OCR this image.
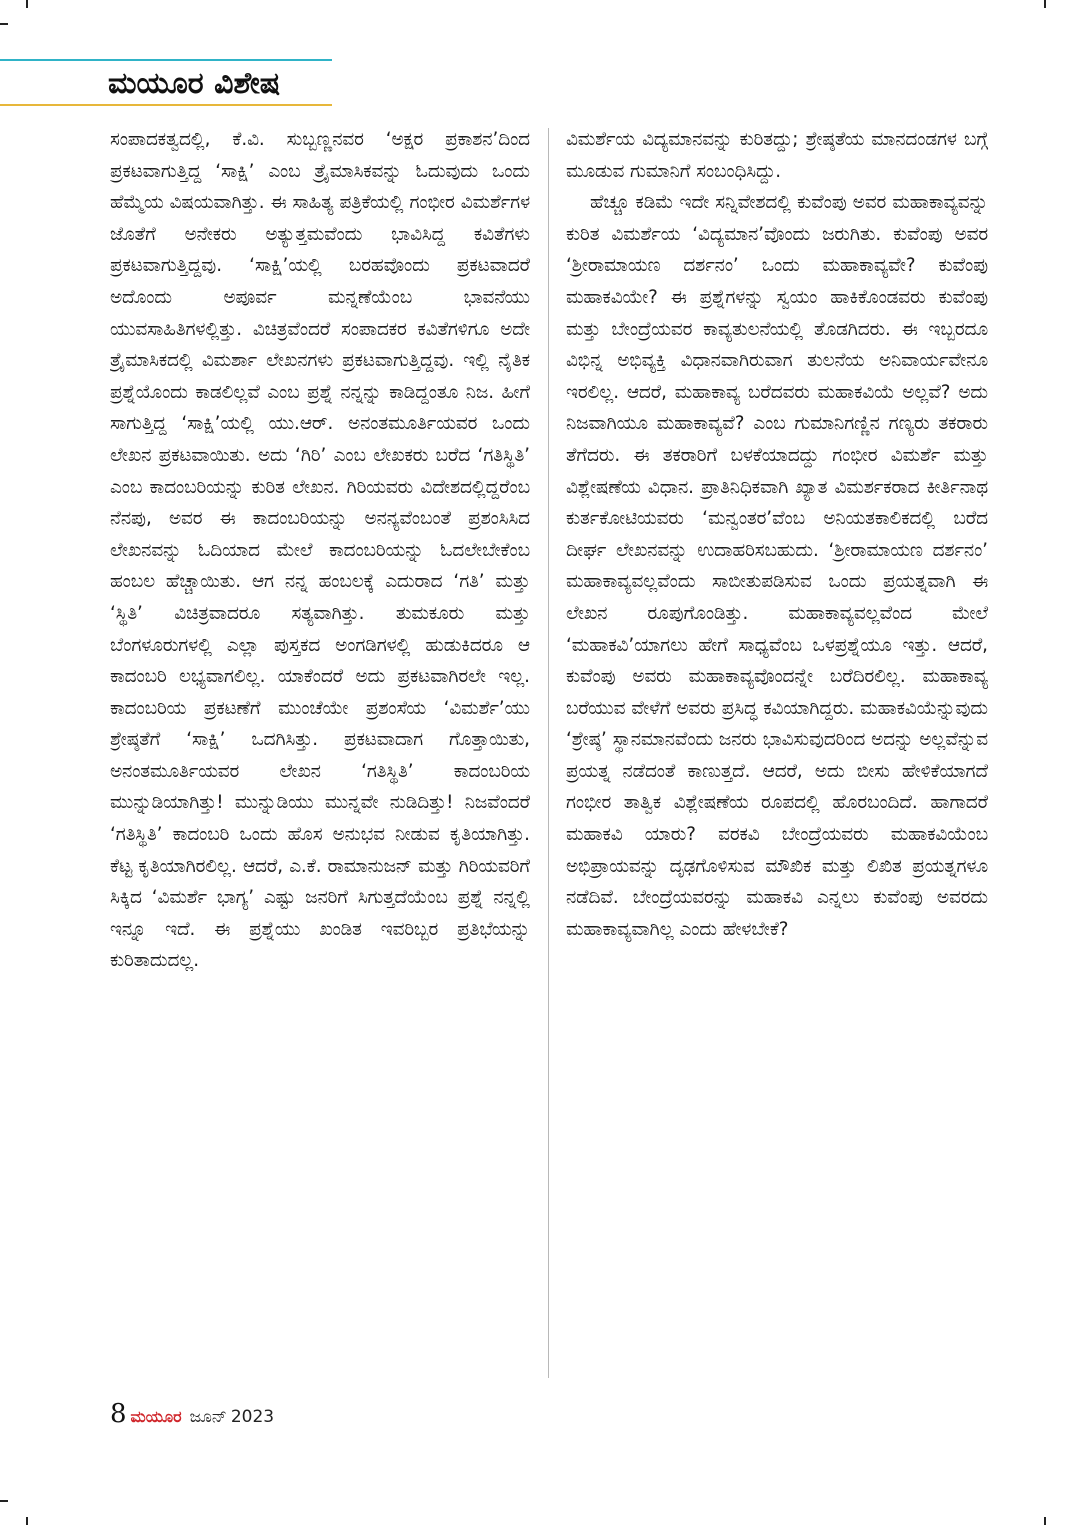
ಮಯೂರ ವಿಶೇಷ

ಸಂಪಾದಕತ್ವದಲ್ಲಿ, ಕೆ.ವಿ. ಸುಬ್ಬಣ್ಣನವರ ‘ಅಕ್ಷರ ಪ್ರಕಾಶನ’ದಿಂದ ಪ್ರಕಟವಾಗುತ್ತಿದ್ದ ‘ಸಾಕ್ಷಿ’ ಎಂಬ ತ್ರೈಮಾಸಿಕವನ್ನು ಓದುವುದು ಒಂದು ಹೆಮ್ಮೆಯ ವಿಷಯವಾಗಿತ್ತು. ಈ ಸಾಹಿತ್ಯ ಪತ್ರಿಕೆಯಲ್ಲಿ ಗಂಭೀರ ವಿಮರ್ಶೆಗಳ ಜೊತೆಗೆ ಅನೇಕರು ಅತ್ಯುತ್ತಮವೆಂದು ಭಾವಿಸಿದ್ದ ಕವಿತೆಗಳು ಪ್ರಕಟವಾಗುತ್ತಿದ್ದವು. ‘ಸಾಕ್ಷಿ’ಯಲ್ಲಿ ಬರಹವೊಂದು ಪ್ರಕಟವಾದರೆ ಅದೊಂದು ಅಪೂರ್ವ ಮನ್ನಣೆಯೆಂಬ ಭಾವನೆಯು ಯುವಸಾಹಿತಿಗಳಲ್ಲಿತ್ತು. ವಿಚಿತ್ರವೆಂದರೆ ಸಂಪಾದಕರ ಕವಿತೆಗಳಿಗೂ ಅದೇ ತ್ರೈಮಾಸಿಕದಲ್ಲಿ ವಿಮರ್ಶಾ ಲೇಖನಗಳು ಪ್ರಕಟವಾಗುತ್ತಿದ್ದವು. ಇಲ್ಲಿ ನೈತಿಕ ಪ್ರಶ್ನೆಯೊಂದು ಕಾಡಲಿಲ್ಲವೆ ಎಂಬ ಪ್ರಶ್ನೆ ನನ್ನನ್ನು ಕಾಡಿದ್ದಂತೂ ನಿಜ. ಹೀಗೆ ಸಾಗುತ್ತಿದ್ದ ‘ಸಾಕ್ಷಿ’ಯಲ್ಲಿ ಯು.ಆರ್. ಅನಂತಮೂರ್ತಿಯವರ ಒಂದು ಲೇಖನ ಪ್ರಕಟವಾಯಿತು. ಅದು ‘ಗಿರಿ’ ಎಂಬ ಲೇಖಕರು ಬರೆದ ‘ಗತಿಸ್ಥಿತಿ’ ಎಂಬ ಕಾದಂಬರಿಯನ್ನು ಕುರಿತ ಲೇಖನ. ಗಿರಿಯವರು ವಿದೇಶದಲ್ಲಿದ್ದರೆಂಬ ನೆನಪು, ಅವರ ಈ ಕಾದಂಬರಿಯನ್ನು ಅನನ್ಯವೆಂಬಂತೆ ಪ್ರಶಂಸಿಸಿದ ಲೇಖನವನ್ನು ಓದಿಯಾದ ಮೇಲೆ ಕಾದಂಬರಿಯನ್ನು ಓದಲೇಬೇಕೆಂಬ ಹಂಬಲ ಹೆಚ್ಚಾಯಿತು. ಆಗ ನನ್ನ ಹಂಬಲಕ್ಕೆ ಎದುರಾದ ‘ಗತಿ’ ಮತ್ತು ‘ಸ್ಥಿತಿ’ ವಿಚಿತ್ರವಾದರೂ ಸತ್ಯವಾಗಿತ್ತು. ತುಮಕೂರು ಮತ್ತು ಬೆಂಗಳೂರುಗಳಲ್ಲಿ ಎಲ್ಲಾ ಪುಸ್ತಕದ ಅಂಗಡಿಗಳಲ್ಲಿ ಹುಡುಕಿದರೂ ಆ ಕಾದಂಬರಿ ಲಭ್ಯವಾಗಲಿಲ್ಲ. ಯಾಕೆಂದರೆ ಅದು ಪ್ರಕಟವಾಗಿರಲೇ ಇಲ್ಲ. ಕಾದಂಬರಿಯ ಪ್ರಕಟಣೆಗೆ ಮುಂಚೆಯೇ ಪ್ರಶಂಸೆಯ ‘ವಿಮರ್ಶೆ’ಯು ಶ್ರೇಷ್ಠತೆಗೆ ‘ಸಾಕ್ಷಿ’ ಒದಗಿಸಿತ್ತು. ಪ್ರಕಟವಾದಾಗ ಗೊತ್ತಾಯಿತು, ಅನಂತಮೂರ್ತಿಯವರ ಲೇಖನ ‘ಗತಿಸ್ಥಿತಿ’ ಕಾದಂಬರಿಯ ಮುನ್ನುಡಿಯಾಗಿತ್ತು! ಮುನ್ನುಡಿಯು ಮುನ್ನವೇ ನುಡಿದಿತ್ತು! ನಿಜವೆಂದರೆ ‘ಗತಿಸ್ಥಿತಿ’ ಕಾದಂಬರಿ ಒಂದು ಹೊಸ ಅನುಭವ ನೀಡುವ ಕೃತಿಯಾಗಿತ್ತು. ಕೆಟ್ಟ ಕೃತಿಯಾಗಿರಲಿಲ್ಲ. ಆದರೆ, ಎ.ಕೆ. ರಾಮಾನುಜನ್ ಮತ್ತು ಗಿರಿಯವರಿಗೆ ಸಿಕ್ಕಿದ ‘ವಿಮರ್ಶೆ ಭಾಗ್ಯ’ ಎಷ್ಟು ಜನರಿಗೆ ಸಿಗುತ್ತದೆಯೆಂಬ ಪ್ರಶ್ನೆ ನನ್ನಲ್ಲಿ ಇನ್ನೂ ಇದೆ. ಈ ಪ್ರಶ್ನೆಯು ಖಂಡಿತ ಇವರಿಬ್ಬರ ಪ್ರತಿಭೆಯನ್ನು ಕುರಿತಾದುದಲ್ಲ.

ವಿಮರ್ಶೆಯ ವಿದ್ಯಮಾನವನ್ನು ಕುರಿತದ್ದು; ಶ್ರೇಷ್ಠತೆಯ ಮಾನದಂಡಗಳ ಬಗ್ಗೆ ಮೂಡುವ ಗುಮಾನಿಗೆ ಸಂಬಂಧಿಸಿದ್ದು.

ಹೆಚ್ಚೂ ಕಡಿಮೆ ಇದೇ ಸನ್ನಿವೇಶದಲ್ಲಿ ಕುವೆಂಪು ಅವರ ಮಹಾಕಾವ್ಯವನ್ನು ಕುರಿತ ವಿಮರ್ಶೆಯ ‘ವಿದ್ಯಮಾನ’ವೊಂದು ಜರುಗಿತು. ಕುವೆಂಪು ಅವರ ‘ಶ್ರೀರಾಮಾಯಣ ದರ್ಶನಂ’ ಒಂದು ಮಹಾಕಾವ್ಯವೇ? ಕುವೆಂಪು ಮಹಾಕವಿಯೇ? ಈ ಪ್ರಶ್ನೆಗಳನ್ನು ಸ್ವಯಂ ಹಾಕಿಕೊಂಡವರು ಕುವೆಂಪು ಮತ್ತು ಬೇಂದ್ರೆಯವರ ಕಾವ್ಯತುಲನೆಯಲ್ಲಿ ತೊಡಗಿದರು. ಈ ಇಬ್ಬರದೂ ವಿಭಿನ್ನ ಅಭಿವ್ಯಕ್ತಿ ವಿಧಾನವಾಗಿರುವಾಗ ತುಲನೆಯ ಅನಿವಾರ್ಯವೇನೂ ಇರಲಿಲ್ಲ. ಆದರೆ, ಮಹಾಕಾವ್ಯ ಬರೆದವರು ಮಹಾಕವಿಯೆ ಅಲ್ಲವೆ? ಅದು ನಿಜವಾಗಿಯೂ ಮಹಾಕಾವ್ಯವೆ? ಎಂಬ ಗುಮಾನಿಗಣ್ಣಿನ ಗಣ್ಯರು ತಕರಾರು ತೆಗೆದರು. ಈ ತಕರಾರಿಗೆ ಬಳಕೆಯಾದದ್ದು ಗಂಭೀರ ವಿಮರ್ಶೆ ಮತ್ತು ವಿಶ್ಲೇಷಣೆಯ ವಿಧಾನ. ಪ್ರಾತಿನಿಧಿಕವಾಗಿ ಖ್ಯಾತ ವಿಮರ್ಶಕರಾದ ಕೀರ್ತಿನಾಥ ಕುರ್ತಕೋಟಿಯವರು ‘ಮನ್ವಂತರ’ವೆಂಬ ಅನಿಯತಕಾಲಿಕದಲ್ಲಿ ಬರೆದ ದೀರ್ಘ ಲೇಖನವನ್ನು ಉದಾಹರಿಸಬಹುದು. ‘ಶ್ರೀರಾಮಾಯಣ ದರ್ಶನಂ’ ಮಹಾಕಾವ್ಯವಲ್ಲವೆಂದು ಸಾಬೀತುಪಡಿಸುವ ಒಂದು ಪ್ರಯತ್ನವಾಗಿ ಈ ಲೇಖನ ರೂಪುಗೊಂಡಿತ್ತು. ಮಹಾಕಾವ್ಯವಲ್ಲವೆಂದ ಮೇಲೆ ‘ಮಹಾಕವಿ’ಯಾಗಲು ಹೇಗೆ ಸಾಧ್ಯವೆಂಬ ಒಳಪ್ರಶ್ನೆಯೂ ಇತ್ತು. ಆದರೆ, ಕುವೆಂಪು ಅವರು ಮಹಾಕಾವ್ಯವೊಂದನ್ನೇ ಬರೆದಿರಲಿಲ್ಲ. ಮಹಾಕಾವ್ಯ ಬರೆಯುವ ವೇಳೆಗೆ ಅವರು ಪ್ರಸಿದ್ಧ ಕವಿಯಾಗಿದ್ದರು. ಮಹಾಕವಿಯೆನ್ನುವುದು ‘ಶ್ರೇಷ್ಠ’ ಸ್ಥಾನಮಾನವೆಂದು ಜನರು ಭಾವಿಸುವುದರಿಂದ ಅದನ್ನು ಅಲ್ಲವೆನ್ನುವ ಪ್ರಯತ್ನ ನಡೆದಂತೆ ಕಾಣುತ್ತದೆ. ಆದರೆ, ಅದು ಬೀಸು ಹೇಳಿಕೆಯಾಗದೆ ಗಂಭೀರ ತಾತ್ವಿಕ ವಿಶ್ಲೇಷಣೆಯ ರೂಪದಲ್ಲಿ ಹೊರಬಂದಿದೆ. ಹಾಗಾದರೆ ಮಹಾಕವಿ ಯಾರು? ವರಕವಿ ಬೇಂದ್ರೆಯವರು ಮಹಾಕವಿಯೆಂಬ ಅಭಿಪ್ರಾಯವನ್ನು ದೃಢಗೊಳಿಸುವ ಮೌಖಿಕ ಮತ್ತು ಲಿಖಿತ ಪ್ರಯತ್ನಗಳೂ ನಡೆದಿವೆ. ಬೇಂದ್ರೆಯವರನ್ನು ಮಹಾಕವಿ ಎನ್ನಲು ಕುವೆಂಪು ಅವರದು ಮಹಾಕಾವ್ಯವಾಗಿಲ್ಲ ಎಂದು ಹೇಳಬೇಕೆ?

8 ಮಯೂರ ಜೂನ್ 2023
